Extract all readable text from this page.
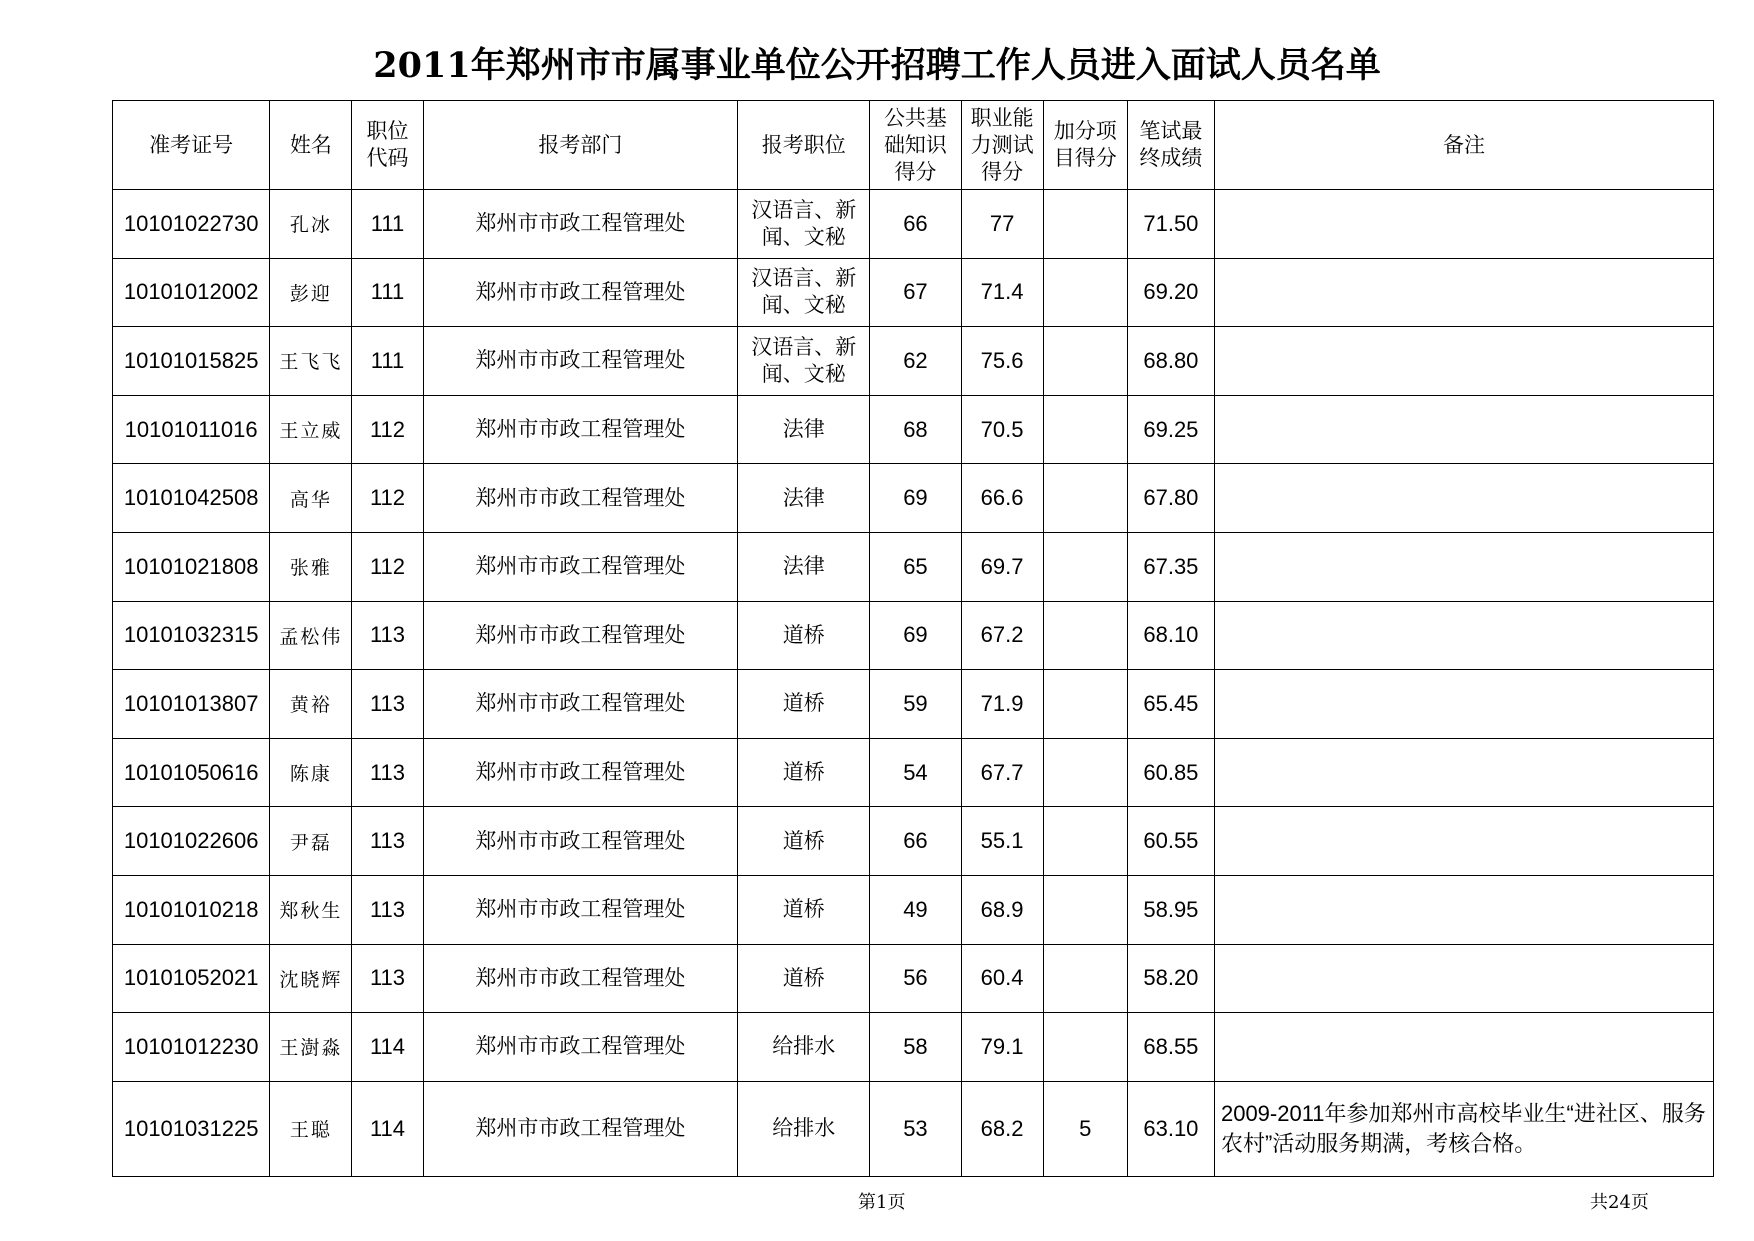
2011年郑州市市属事业单位公开招聘工作人员进入面试人员名单
准考证号	姓名	职位
代码	报考部门	报考职位	公共基
础知识
得分	职业能
力测试
得分	加分项
目得分	笔试最
终成绩	备注
10101022730	孔冰	111	郑州市市政工程管理处	汉语言、新
闻、文秘	66	77		71.50	
10101012002	彭迎	111	郑州市市政工程管理处	汉语言、新
闻、文秘	67	71.4		69.20	
10101015825	王飞飞	111	郑州市市政工程管理处	汉语言、新
闻、文秘	62	75.6		68.80	
10101011016	王立威	112	郑州市市政工程管理处	法律	68	70.5		69.25	
10101042508	高华	112	郑州市市政工程管理处	法律	69	66.6		67.80	
10101021808	张雅	112	郑州市市政工程管理处	法律	65	69.7		67.35	
10101032315	孟松伟	113	郑州市市政工程管理处	道桥	69	67.2		68.10	
10101013807	黄裕	113	郑州市市政工程管理处	道桥	59	71.9		65.45	
10101050616	陈康	113	郑州市市政工程管理处	道桥	54	67.7		60.85	
10101022606	尹磊	113	郑州市市政工程管理处	道桥	66	55.1		60.55	
10101010218	郑秋生	113	郑州市市政工程管理处	道桥	49	68.9		58.95	
10101052021	沈晓辉	113	郑州市市政工程管理处	道桥	56	60.4		58.20	
10101012230	王澍淼	114	郑州市市政工程管理处	给排水	58	79.1		68.55	
10101031225	王聪	114	郑州市市政工程管理处	给排水	53	68.2	5	63.10	2009-2011年参加郑州市高校毕业生“进社区、服务农村”活动服务期满，考核合格。
第1页	共24页
